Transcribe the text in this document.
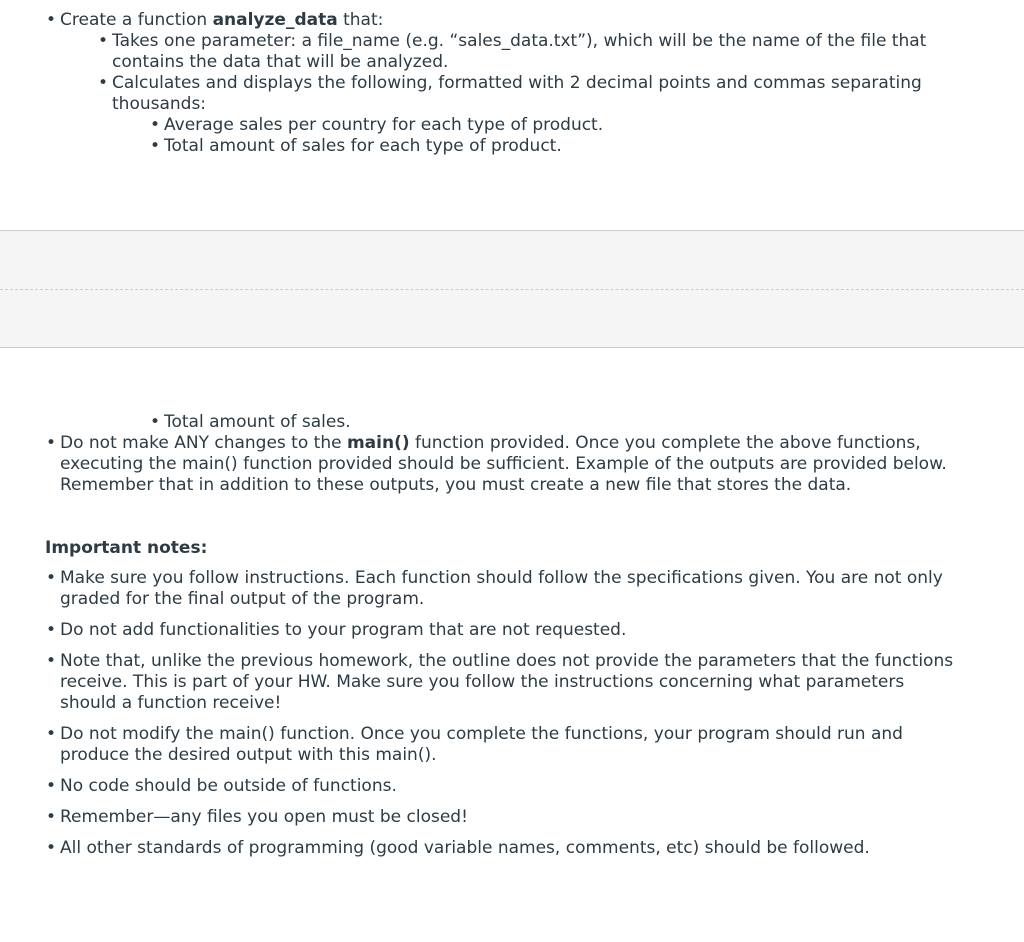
• Create a function analyze_data that:
• Takes one parameter: a file_name (e.g. “sales_data.txt”), which will be the name of the file that
contains the data that will be analyzed.
• Calculates and displays the following, formatted with 2 decimal points and commas separating
thousands:
• Average sales per country for each type of product.
• Total amount of sales for each type of product.
• Total amount of sales.
• Do not make ANY changes to the main() function provided. Once you complete the above functions,
executing the main() function provided should be sufficient. Example of the outputs are provided below.
Remember that in addition to these outputs, you must create a new file that stores the data.
Important notes:
• Make sure you follow instructions. Each function should follow the specifications given. You are not only
graded for the final output of the program.
• Do not add functionalities to your program that are not requested.
• Note that, unlike the previous homework, the outline does not provide the parameters that the functions
receive. This is part of your HW. Make sure you follow the instructions concerning what parameters
should a function receive!
• Do not modify the main() function. Once you complete the functions, your program should run and
produce the desired output with this main().
• No code should be outside of functions.
• Remember—any files you open must be closed!
• All other standards of programming (good variable names, comments, etc) should be followed.
